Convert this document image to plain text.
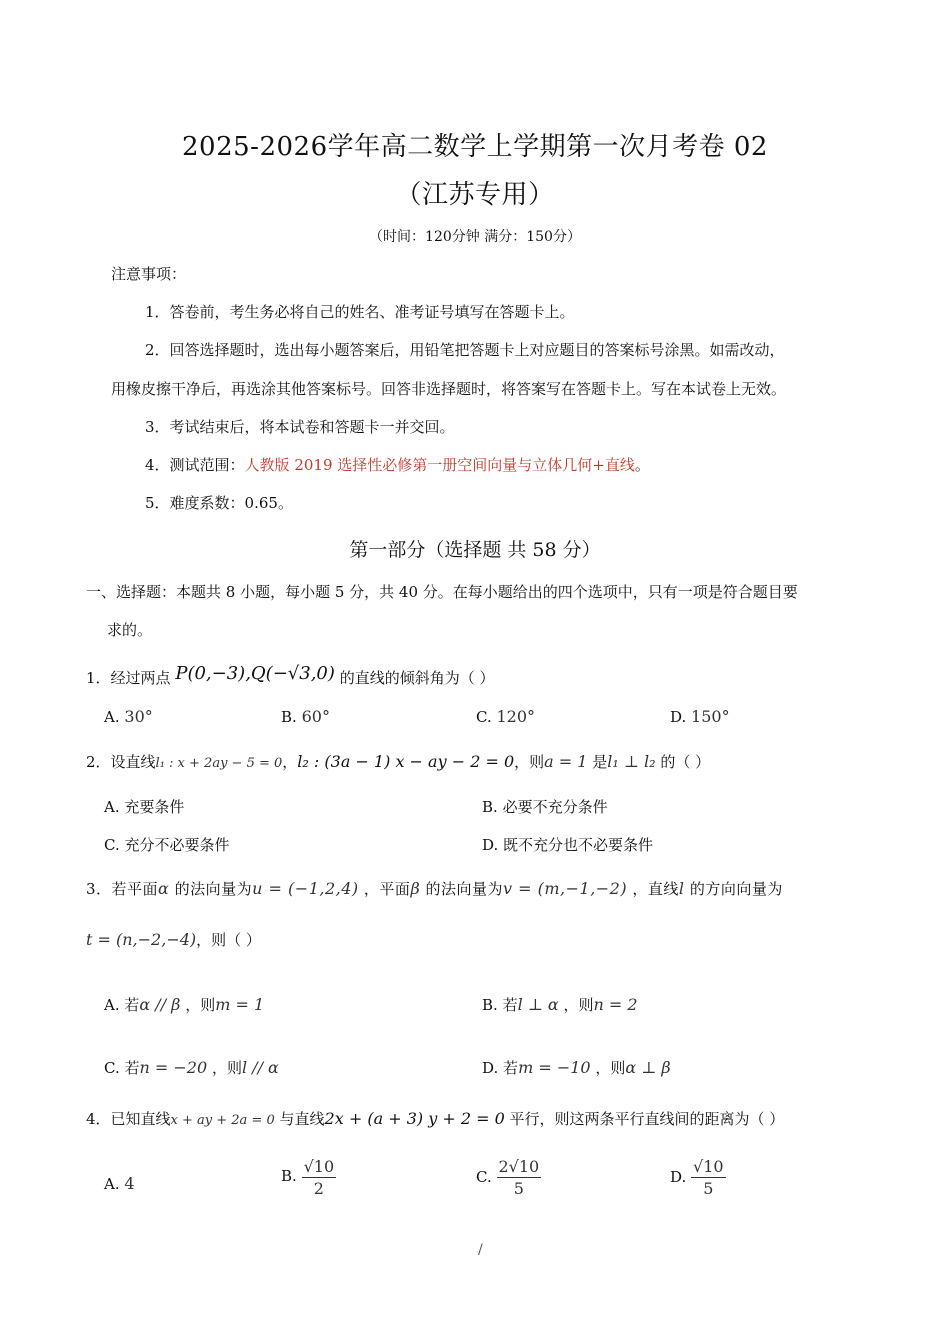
2025-2026学年高二数学上学期第一次月考卷 02
（江苏专用）
（时间：120分钟 满分：150分）
注意事项：
1．答卷前，考生务必将自己的姓名、准考证号填写在答题卡上。
2．回答选择题时，选出每小题答案后，用铅笔把答题卡上对应题目的答案标号涂黑。如需改动，
用橡皮擦干净后，再选涂其他答案标号。回答非选择题时，将答案写在答题卡上。写在本试卷上无效。
3．考试结束后，将本试卷和答题卡一并交回。
4．测试范围：人教版 2019 选择性必修第一册空间向量与立体几何+直线。
5．难度系数：0.65。
第一部分（选择题 共 58 分）
一、选择题：本题共 8 小题，每小题 5 分，共 40 分。在每小题给出的四个选项中，只有一项是符合题目要
求的。
1．经过两点 P(0,−3),Q(−√3,0) 的直线的倾斜角为（ ）
A. 30°	B. 60°	C. 120°	D. 150°
2．设直线l₁ : x + 2ay − 5 = 0，l₂ : (3a − 1) x − ay − 2 = 0，则a = 1 是l₁ ⊥ l₂ 的（ ）
A. 充要条件	B. 必要不充分条件
C. 充分不必要条件	D. 既不充分也不必要条件
3．若平面α 的法向量为u = (−1,2,4) ，平面β 的法向量为v = (m,−1,−2) ，直线l 的方向向量为
t = (n,−2,−4)，则（ ）
A. 若α // β ，则m = 1	B. 若l ⊥ α ，则n = 2
C. 若n = −20 ，则l // α	D. 若m = −10 ，则α ⊥ β
4．已知直线x + ay + 2a = 0 与直线2x + (a + 3) y + 2 = 0 平行，则这两条平行直线间的距离为（ ）
A. 4	B. $\frac{√10}{2}$	C. $\frac{2√10}{5}$	D. $\frac{√10}{5}$
/
